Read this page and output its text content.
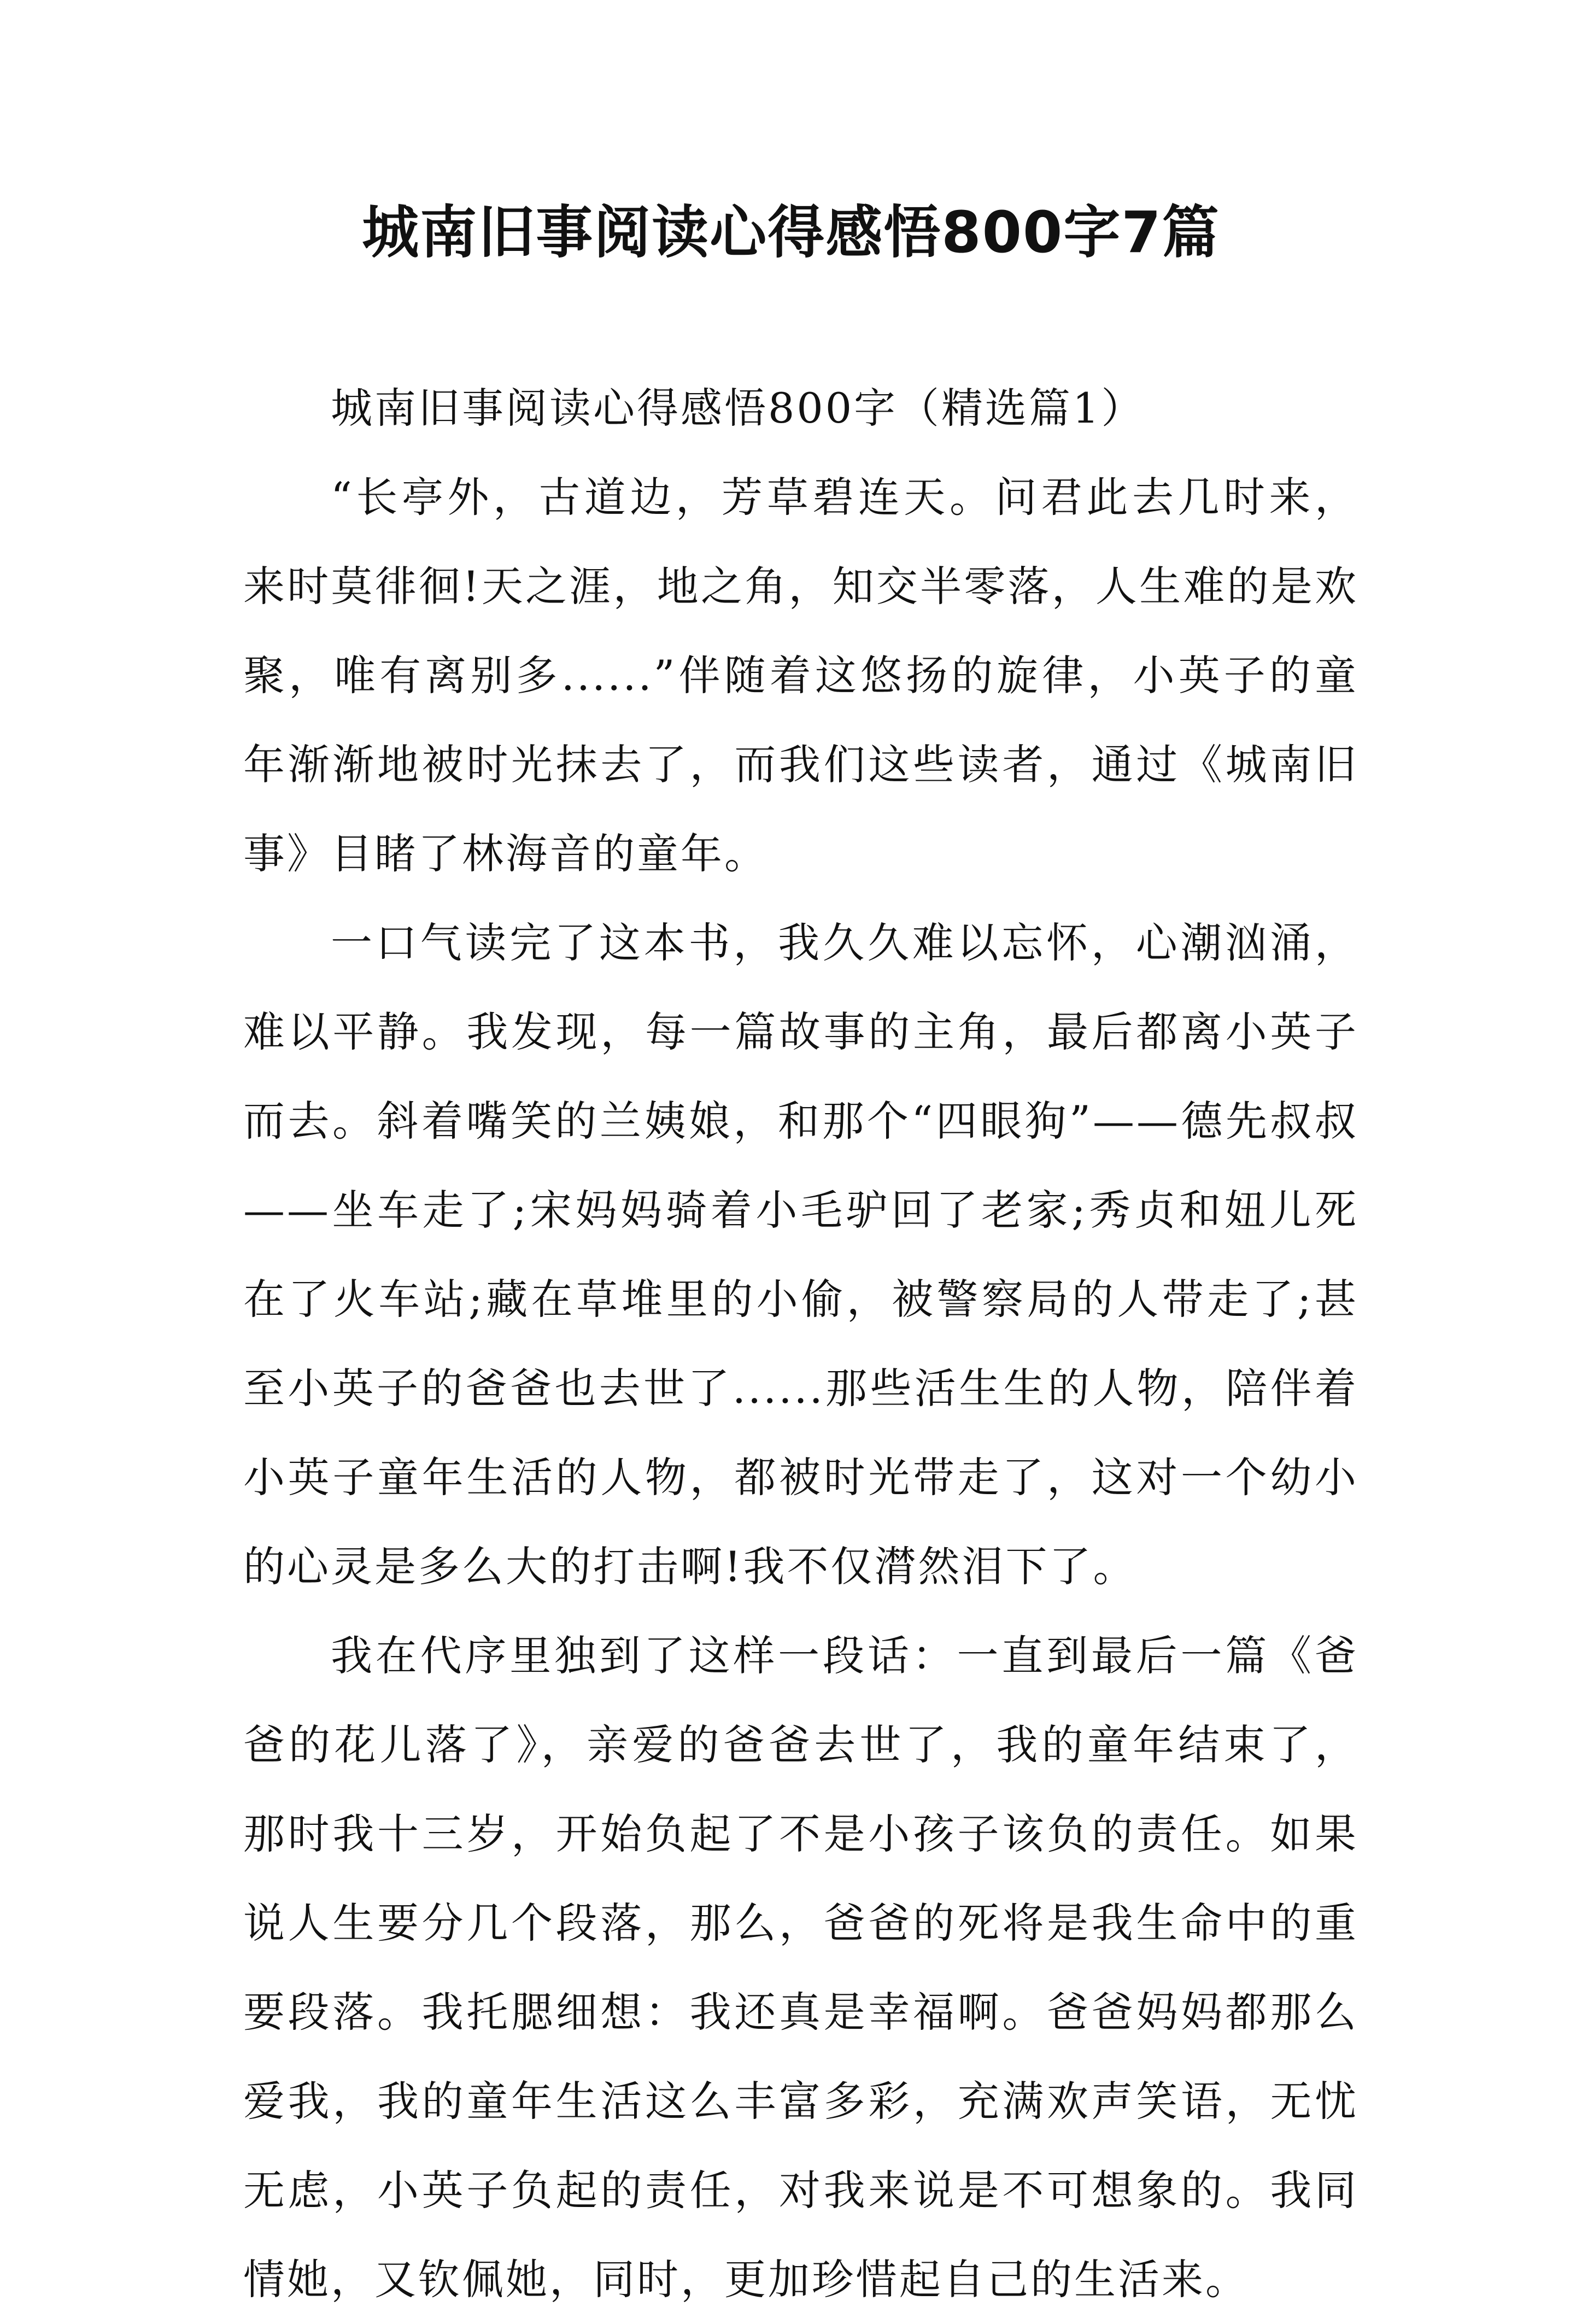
城南旧事阅读心得感悟800字7篇

城南旧事阅读心得感悟800字（精选篇1）

“长亭外，古道边，芳草碧连天。问君此去几时来，来时莫徘徊!天之涯，地之角，知交半零落，人生难的是欢聚，唯有离别多......”伴随着这悠扬的旋律，小英子的童年渐渐地被时光抹去了，而我们这些读者，通过《城南旧事》目睹了林海音的童年。

一口气读完了这本书，我久久难以忘怀，心潮汹涌，难以平静。我发现，每一篇故事的主角，最后都离小英子而去。斜着嘴笑的兰姨娘，和那个“四眼狗”——德先叔叔——坐车走了;宋妈妈骑着小毛驴回了老家;秀贞和妞儿死在了火车站;藏在草堆里的小偷，被警察局的人带走了;甚至小英子的爸爸也去世了......那些活生生的人物，陪伴着小英子童年生活的人物，都被时光带走了，这对一个幼小的心灵是多么大的打击啊!我不仅潸然泪下了。

我在代序里独到了这样一段话：一直到最后一篇《爸爸的花儿落了》，亲爱的爸爸去世了，我的童年结束了，那时我十三岁，开始负起了不是小孩子该负的责任。如果说人生要分几个段落，那么，爸爸的死将是我生命中的重要段落。我托腮细想：我还真是幸福啊。爸爸妈妈都那么爱我，我的童年生活这么丰富多彩，充满欢声笑语，无忧无虑，小英子负起的责任，对我来说是不可想象的。我同情她，又钦佩她，同时，更加珍惜起自己的生活来。
